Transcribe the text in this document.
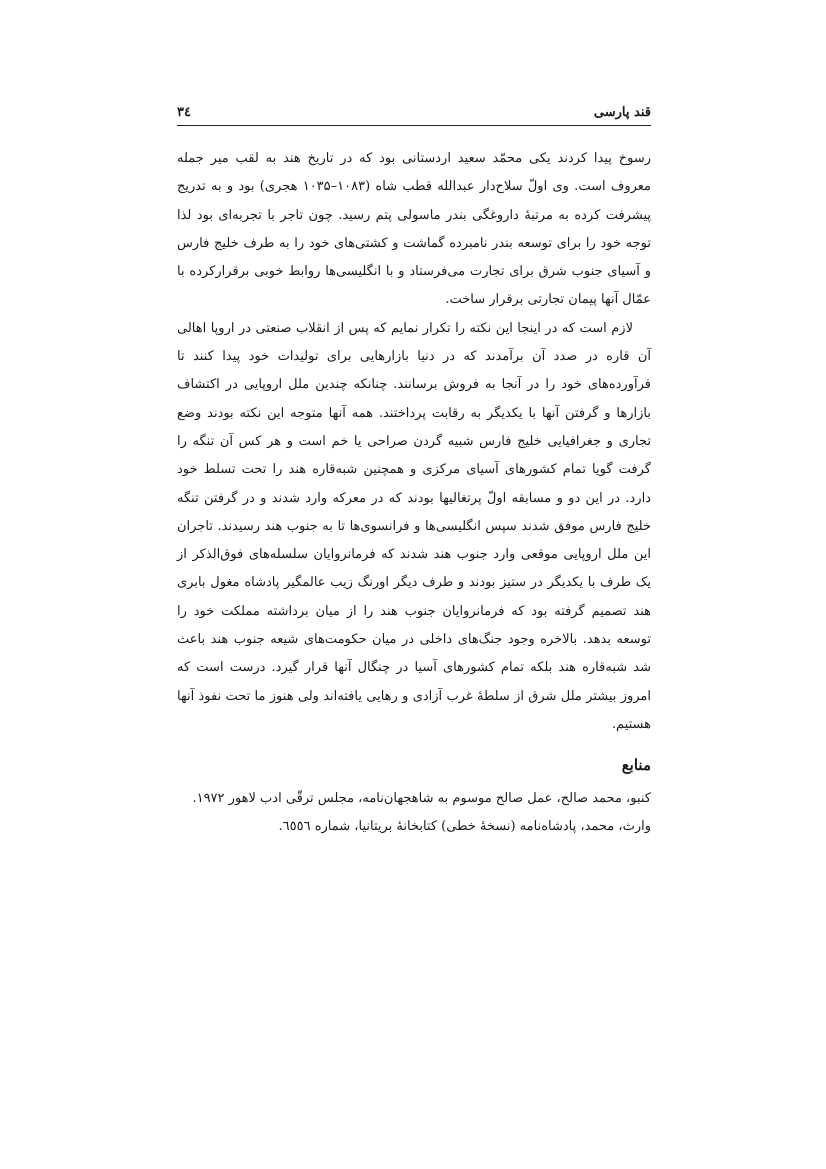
قند پارسی
۳٤

رسوخ پیدا کردند یکی محمّد سعید اردستانی بود که در تاریخ هند به لقب میر جمله معروف است. وی اولّ سلاح‌دار عبدالله قطب شاه (۱۰۸۳–۱۰۳۵ هجری) بود و به تدریج پیشرفت کرده به مرتبهٔ داروغگی بندر ماسولی پتم رسید. چون تاجر با تجربه‌ای بود لذا توجه خود را برای توسعه بندر نامبرده گماشت و کشتی‌های خود را به طرف خلیج فارس و آسیای جنوب شرق برای تجارت می‌فرستاد و با انگلیسی‌ها روابط خوبی برقرارکرده با عمّال آنها پیمان تجارتی برقرار ساخت.

لازم است که در اینجا این نکته را تکرار نمایم که پس از انقلاب صنعتی در اروپا اهالی آن قاره در صدد آن برآمدند که در دنیا بازارهایی برای تولیدات خود پیدا کنند تا فرآورده‌های خود را در آنجا به فروش برسانند. چنانکه چندین ملل اروپایی در اکتشاف بازارها و گرفتن آنها با یکدیگر به رقابت پرداختند. همه آنها متوجه این نکته بودند وضع تجاری و جغرافیایی خلیج فارس شبیه گردن صراحی یا خم است و هر کس آن تنگه را گرفت گویا تمام کشورهای آسیای مرکزی و همچنین شبه‌قاره هند را تحت تسلط خود دارد. در این دو و مسابقه اولّ پرتغالیها بودند که در معرکه وارد شدند و در گرفتن تنگه خلیج فارس موفق شدند سپس انگلیسی‌ها و فرانسوی‌ها تا به جنوب هند رسیدند. تاجران این ملل اروپایی موقعی وارد جنوب هند شدند که فرمانروایان سلسله‌های فوق‌الذکر از یک طرف با یکدیگر در ستیز بودند و طرف دیگر اورنگ زیب عالمگیر پادشاه مغول بابری هند تصمیم گرفته بود که فرمانروایان جنوب هند را از میان برداشته مملکت خود را توسعه بدهد. بالاخره وجود جنگ‌های داخلی در میان حکومت‌های شیعه جنوب هند باعث شد شبه‌قاره هند بلکه تمام کشورهای آسیا در چنگال آنها قرار گیرد. درست است که امروز بیشتر ملل شرق از سلطهٔ غرب آزادی و رهایی یافته‌اند ولی هنوز ما تحت نفوذ آنها هستیم.

منابع

کنبو، محمد صالح، عمل صالح موسوم به شاهجهان‌نامه، مجلس ترقّی ادب لاهور ۱۹۷۲.

وارث، محمد، پادشاه‌نامه (نسخهٔ خطی) کتابخانهٔ بریتانیا، شماره ٦٥٥٦.
